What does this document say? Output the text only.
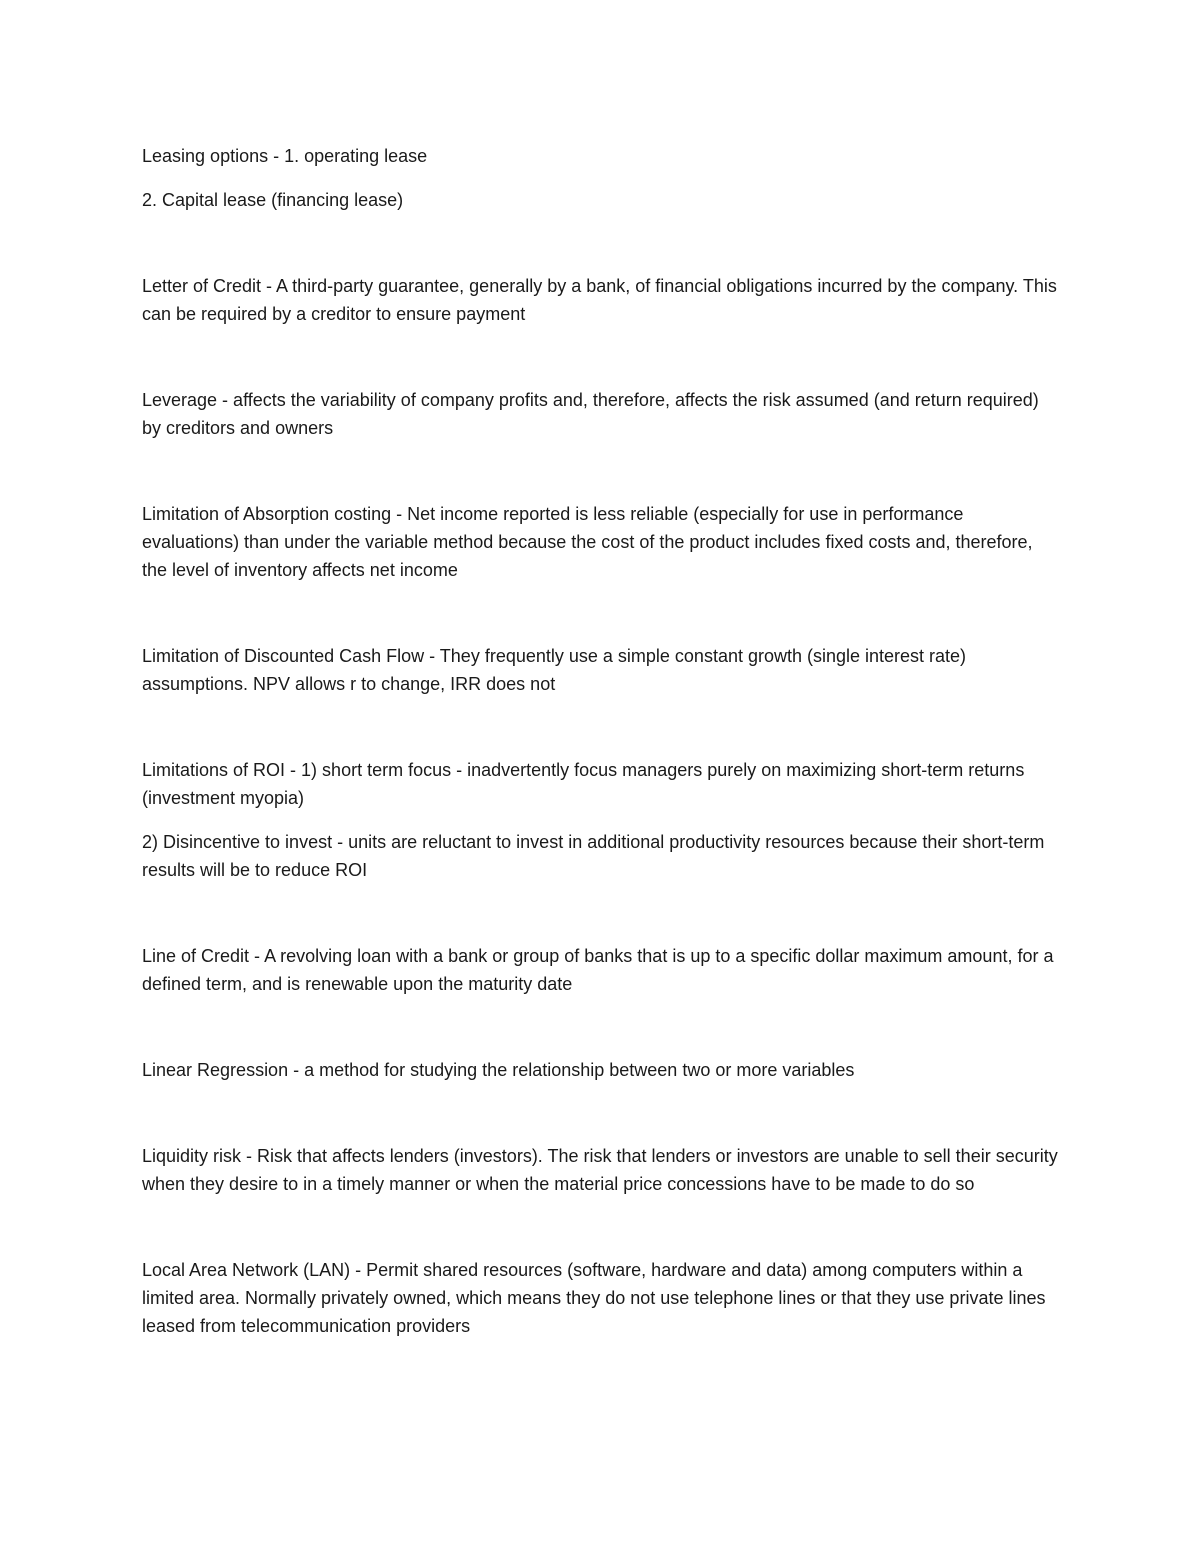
Leasing options - 1. operating lease

2. Capital lease (financing lease)

Letter of Credit - A third-party guarantee, generally by a bank, of financial obligations incurred by the company. This can be required by a creditor to ensure payment

Leverage - affects the variability of company profits and, therefore, affects the risk assumed (and return required) by creditors and owners

Limitation of Absorption costing - Net income reported is less reliable (especially for use in performance evaluations) than under the variable method because the cost of the product includes fixed costs and, therefore, the level of inventory affects net income

Limitation of Discounted Cash Flow - They frequently use a simple constant growth (single interest rate) assumptions. NPV allows r to change, IRR does not

Limitations of ROI - 1) short term focus - inadvertently focus managers purely on maximizing short-term returns (investment myopia)

2) Disincentive to invest - units are reluctant to invest in additional productivity resources because their short-term results will be to reduce ROI

Line of Credit - A revolving loan with a bank or group of banks that is up to a specific dollar maximum amount, for a defined term, and is renewable upon the maturity date

Linear Regression - a method for studying the relationship between two or more variables

Liquidity risk - Risk that affects lenders (investors). The risk that lenders or investors are unable to sell their security when they desire to in a timely manner or when the material price concessions have to be made to do so

Local Area Network (LAN) - Permit shared resources (software, hardware and data) among computers within a limited area. Normally privately owned, which means they do not use telephone lines or that they use private lines leased from telecommunication providers
